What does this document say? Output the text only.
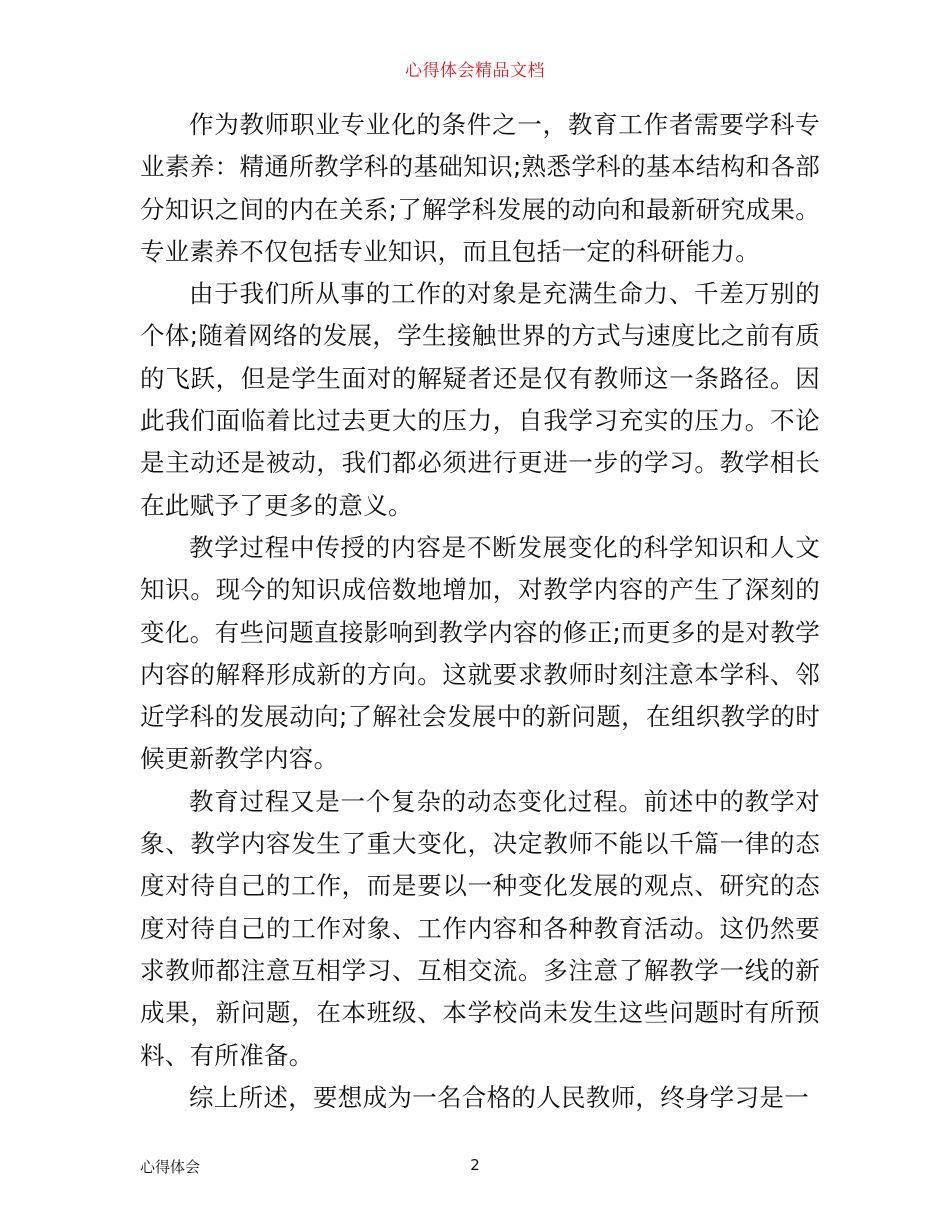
心得体会精品文档

作为教师职业专业化的条件之一，教育工作者需要学科专业素养：精通所教学科的基础知识;熟悉学科的基本结构和各部分知识之间的内在关系;了解学科发展的动向和最新研究成果。专业素养不仅包括专业知识，而且包括一定的科研能力。

由于我们所从事的工作的对象是充满生命力、千差万别的个体;随着网络的发展，学生接触世界的方式与速度比之前有质的飞跃，但是学生面对的解疑者还是仅有教师这一条路径。因此我们面临着比过去更大的压力，自我学习充实的压力。不论是主动还是被动，我们都必须进行更进一步的学习。教学相长在此赋予了更多的意义。

教学过程中传授的内容是不断发展变化的科学知识和人文知识。现今的知识成倍数地增加，对教学内容的产生了深刻的变化。有些问题直接影响到教学内容的修正;而更多的是对教学内容的解释形成新的方向。这就要求教师时刻注意本学科、邻近学科的发展动向;了解社会发展中的新问题，在组织教学的时候更新教学内容。

教育过程又是一个复杂的动态变化过程。前述中的教学对象、教学内容发生了重大变化，决定教师不能以千篇一律的态度对待自己的工作，而是要以一种变化发展的观点、研究的态度对待自己的工作对象、工作内容和各种教育活动。这仍然要求教师都注意互相学习、互相交流。多注意了解教学一线的新成果，新问题，在本班级、本学校尚未发生这些问题时有所预料、有所准备。

综上所述，要想成为一名合格的人民教师，终身学习是一

心得体会	2
